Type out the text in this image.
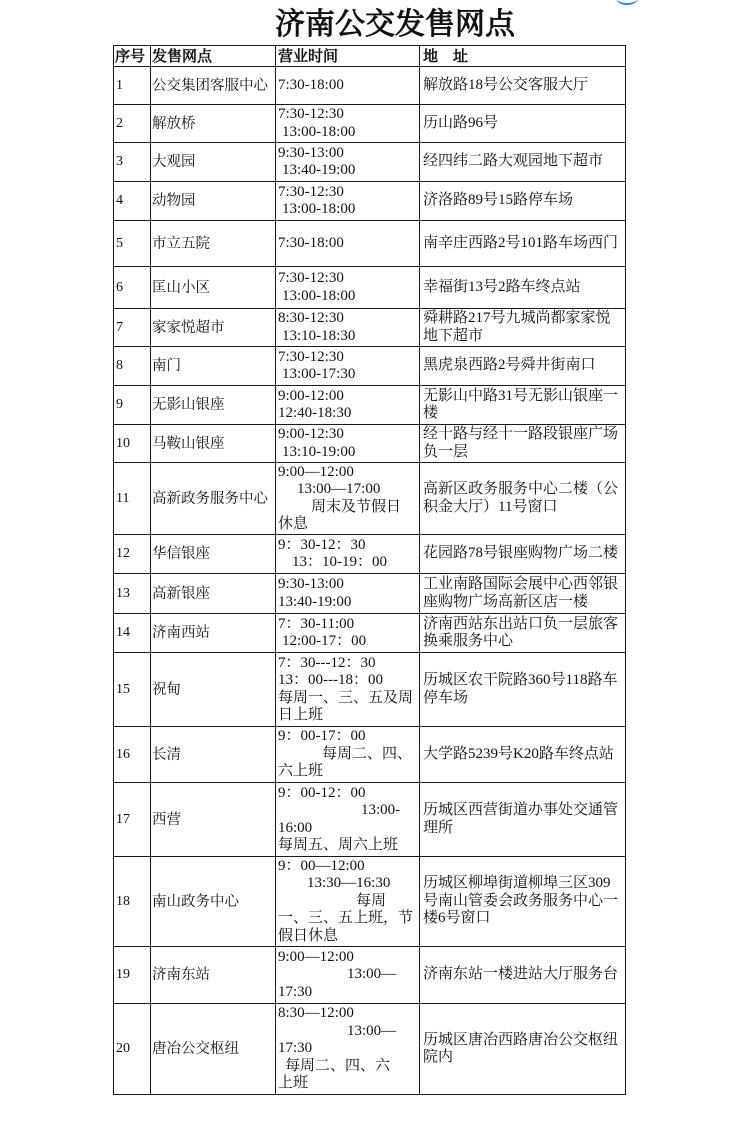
济南公交发售网点
序号	发售网点	营业时间	地　址
1	公交集团客服中心	7:30-18:00	解放路18号公交客服大厅
2	解放桥	7:30-12:30
13:00-18:00	历山路96号
3	大观园	9:30-13:00
13:40-19:00	经四纬二路大观园地下超市
4	动物园	7:30-12:30
13:00-18:00	济洛路89号15路停车场
5	市立五院	7:30-18:00	南辛庄西路2号101路车场西门
6	匡山小区	7:30-12:30
13:00-18:00	幸福街13号2路车终点站
7	家家悦超市	8:30-12:30
13:10-18:30	舜耕路217号九城尚都家家悦地下超市
8	南门	7:30-12:30
13:00-17:30	黑虎泉西路2号舜井街南口
9	无影山银座	9:00-12:00
12:40-18:30	无影山中路31号无影山银座一楼
10	马鞍山银座	9:00-12:30
13:10-19:00	经十路与经十一路段银座广场负一层
11	高新政务服务中心	9:00—12:00
13:00—17:00
周末及节假日
休息	高新区政务服务中心二楼（公积金大厅）11号窗口
12	华信银座	9：30-12：30
13：10-19：00	花园路78号银座购物广场二楼
13	高新银座	9:30-13:00
13:40-19:00	工业南路国际会展中心西邻银座购物广场高新区店一楼
14	济南西站	7：30-11:00
12:00-17：00	济南西站东出站口负一层旅客换乘服务中心
15	祝甸	7：30---12：30
13：00---18：00
每周一、三、五及周
日上班	历城区农干院路360号118路车停车场
16	长清	9：00-17：00
每周二、四、
六上班	大学路5239号K20路车终点站
17	西营	9：00-12：00
13:00-
16:00
每周五、周六上班	历城区西营街道办事处交通管理所
18	南山政务中心	9：00—12:00
13:30—16:30
每周
一、三、五上班，节
假日休息	历城区柳埠街道柳埠三区309号南山管委会政务服务中心一楼6号窗口
19	济南东站	9:00—12:00
13:00—
17:30	济南东站一楼进站大厅服务台
20	唐冶公交枢纽	8:30—12:00
13:00—
17:30
每周二、四、六
上班	历城区唐冶西路唐冶公交枢纽院内
